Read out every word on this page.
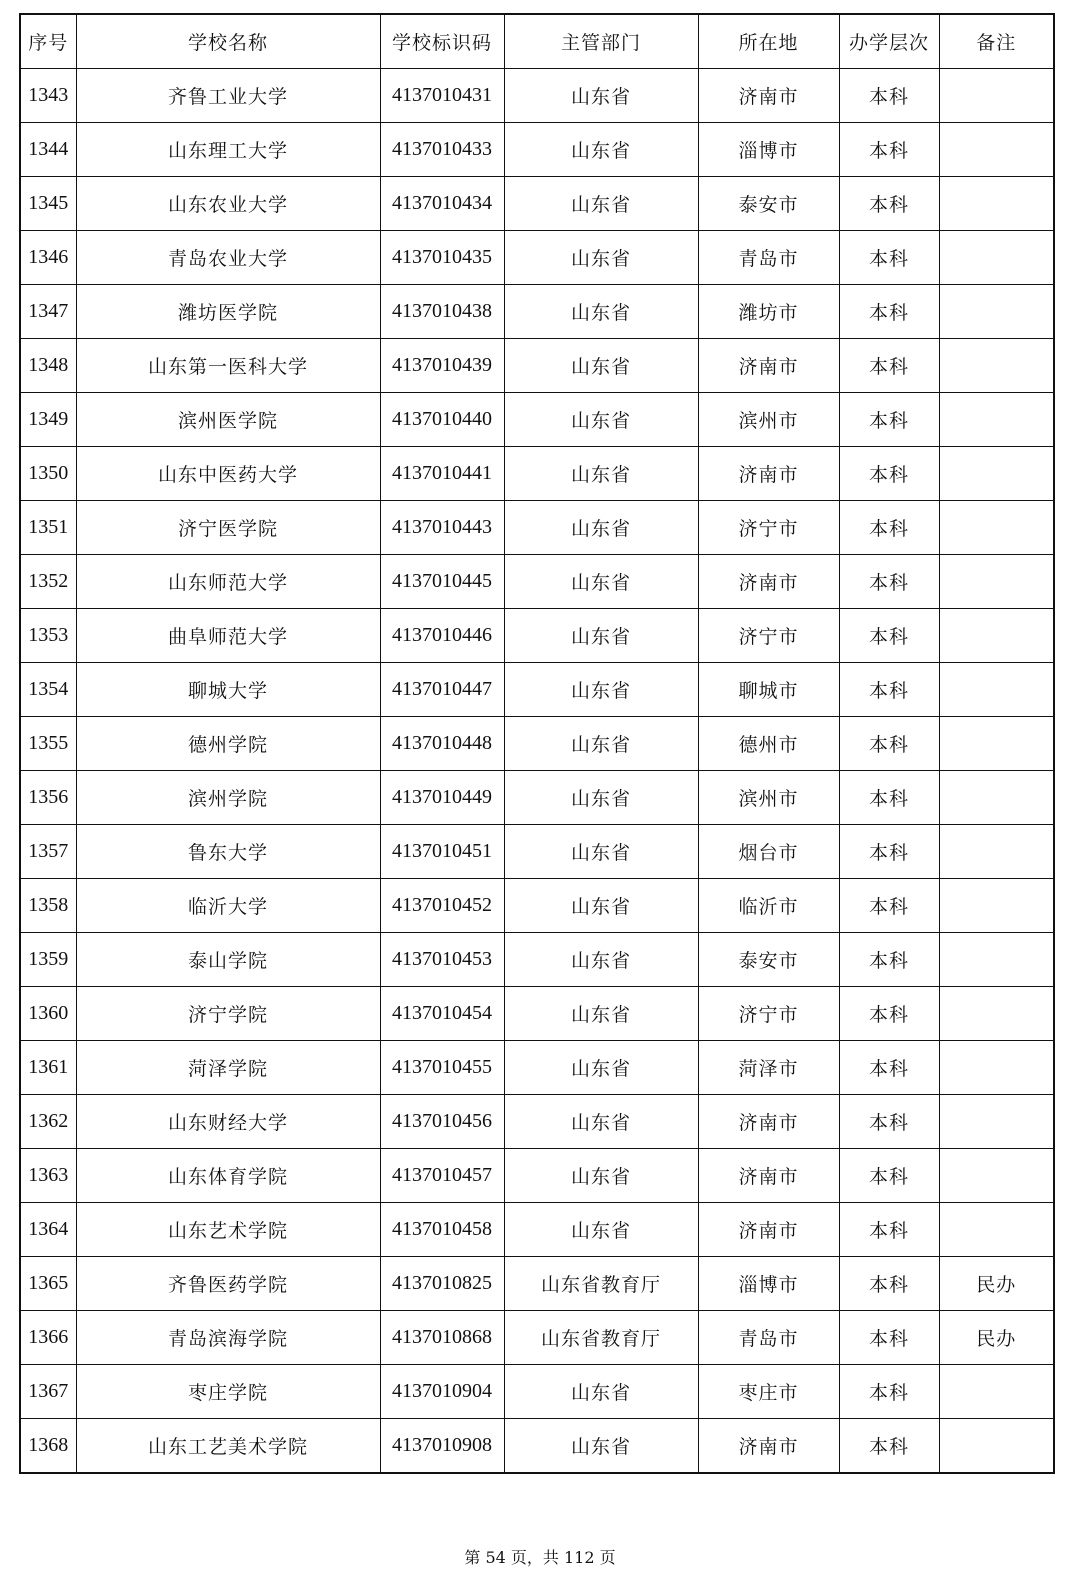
序号	学校名称	学校标识码	主管部门	所在地	办学层次	备注
1343	齐鲁工业大学	4137010431	山东省	济南市	本科	
1344	山东理工大学	4137010433	山东省	淄博市	本科	
1345	山东农业大学	4137010434	山东省	泰安市	本科	
1346	青岛农业大学	4137010435	山东省	青岛市	本科	
1347	潍坊医学院	4137010438	山东省	潍坊市	本科	
1348	山东第一医科大学	4137010439	山东省	济南市	本科	
1349	滨州医学院	4137010440	山东省	滨州市	本科	
1350	山东中医药大学	4137010441	山东省	济南市	本科	
1351	济宁医学院	4137010443	山东省	济宁市	本科	
1352	山东师范大学	4137010445	山东省	济南市	本科	
1353	曲阜师范大学	4137010446	山东省	济宁市	本科	
1354	聊城大学	4137010447	山东省	聊城市	本科	
1355	德州学院	4137010448	山东省	德州市	本科	
1356	滨州学院	4137010449	山东省	滨州市	本科	
1357	鲁东大学	4137010451	山东省	烟台市	本科	
1358	临沂大学	4137010452	山东省	临沂市	本科	
1359	泰山学院	4137010453	山东省	泰安市	本科	
1360	济宁学院	4137010454	山东省	济宁市	本科	
1361	菏泽学院	4137010455	山东省	菏泽市	本科	
1362	山东财经大学	4137010456	山东省	济南市	本科	
1363	山东体育学院	4137010457	山东省	济南市	本科	
1364	山东艺术学院	4137010458	山东省	济南市	本科	
1365	齐鲁医药学院	4137010825	山东省教育厅	淄博市	本科	民办
1366	青岛滨海学院	4137010868	山东省教育厅	青岛市	本科	民办
1367	枣庄学院	4137010904	山东省	枣庄市	本科	
1368	山东工艺美术学院	4137010908	山东省	济南市	本科	
第 54 页，共 112 页
